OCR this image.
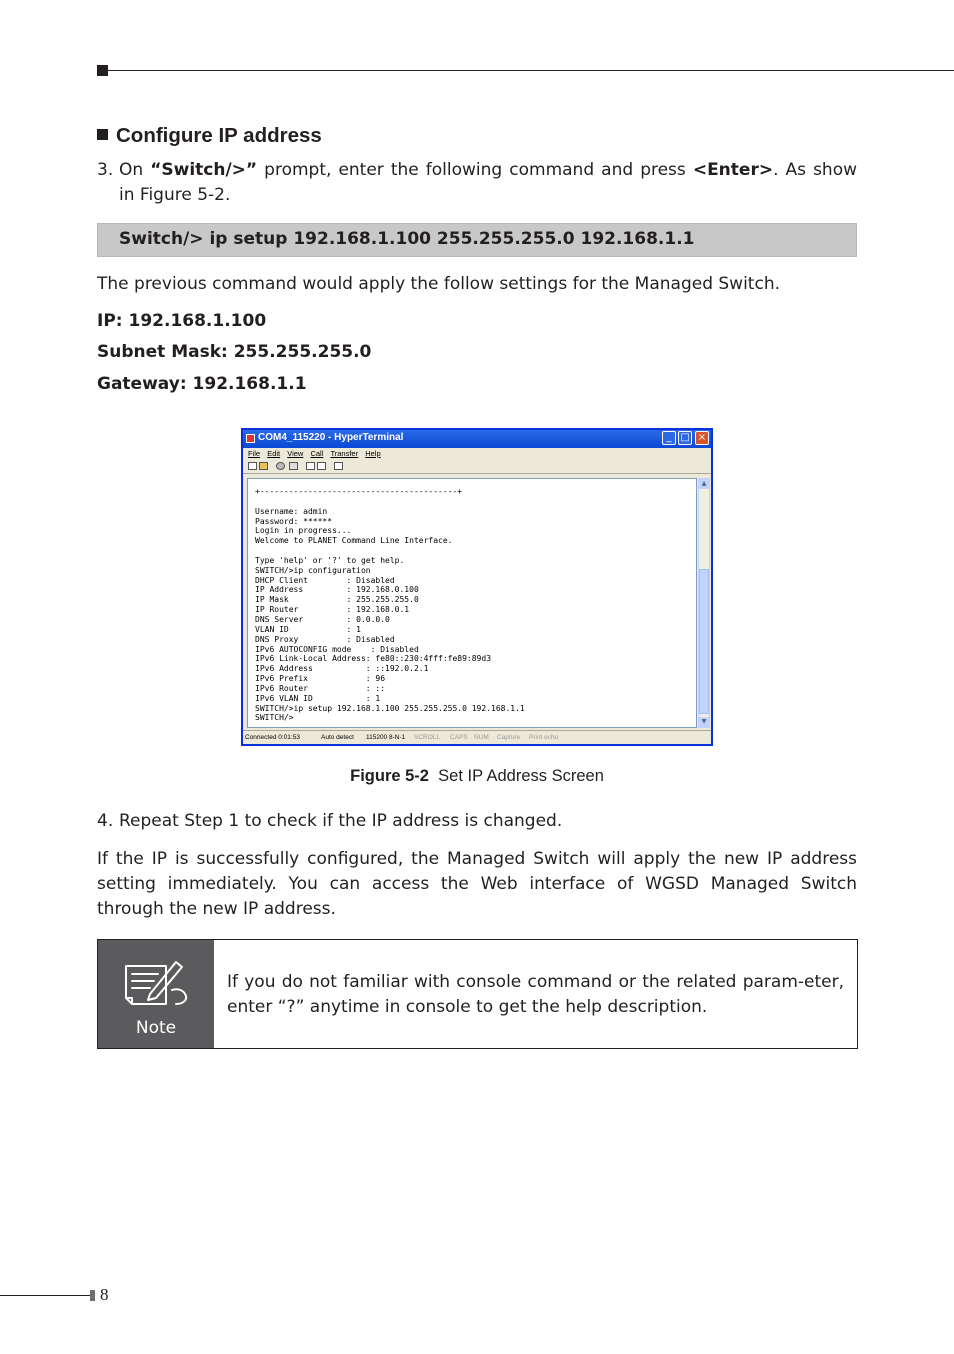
Configure IP address
3. On “Switch/>” prompt, enter the following command and press <Enter>. As show in Figure 5-2.
Switch/> ip setup 192.168.1.100 255.255.255.0 192.168.1.1
The previous command would apply the follow settings for the Managed Switch.
IP: 192.168.1.100
Subnet Mask: 255.255.255.0
Gateway: 192.168.1.1
COM4_115220 - HyperTerminal	_ □ ×
File Edit View Call Transfer Help
+-----------------------------------------+

Username: admin
Password: ******
Login in progress...
Welcome to PLANET Command Line Interface.

Type 'help' or '?' to get help.
SWITCH/>ip configuration
DHCP Client        : Disabled
IP Address         : 192.168.0.100
IP Mask            : 255.255.255.0
IP Router          : 192.168.0.1
DNS Server         : 0.0.0.0
VLAN ID            : 1
DNS Proxy          : Disabled
IPv6 AUTOCONFIG mode    : Disabled
IPv6 Link-Local Address: fe80::230:4fff:fe89:89d3
IPv6 Address           : ::192.0.2.1
IPv6 Prefix            : 96
IPv6 Router            : ::
IPv6 VLAN ID           : 1
SWITCH/>ip setup 192.168.1.100 255.255.255.0 192.168.1.1
SWITCH/>
▲
▼
Connected 0:01:53	Auto detect 115200 8-N-1 SCROLL CAPS NUM Capture Print echo
Figure 5-2 Set IP Address Screen
4. Repeat Step 1 to check if the IP address is changed.
If the IP is successfully configured, the Managed Switch will apply the new IP address setting immediately. You can access the Web interface of WGSD Managed Switch through the new IP address.
Note
If you do not familiar with console command or the related param-eter, enter “?” anytime in console to get the help description.
8
